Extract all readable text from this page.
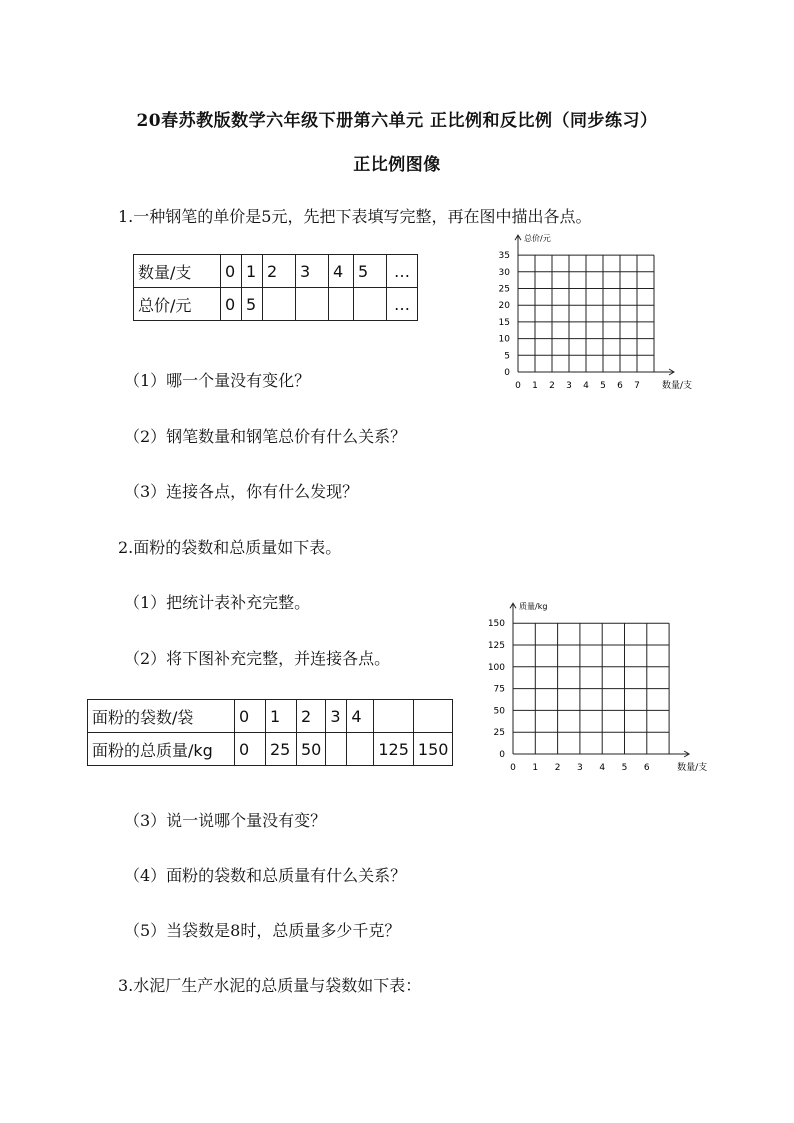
20春苏教版数学六年级下册第六单元 正比例和反比例（同步练习）
正比例图像
1.一种钢笔的单价是5元，先把下表填写完整，再在图中描出各点。
数量/支	0	1	2	3	4	5	…
总价/元	0	5					…
（1）哪一个量没有变化？
（2）钢笔数量和钢笔总价有什么关系？
（3）连接各点，你有什么发现？
0 1 2 3 4 5 6 7
0
5
10
15
20
25
30
35
数量/支
总价/元
2.面粉的袋数和总质量如下表。
（1）把统计表补充完整。
（2）将下图补充完整，并连接各点。
面粉的袋数/袋	0	1	2	3	4		
面粉的总质量/kg	0	25	50			125	150
0 1 2 3 4 5 6
0
25
50
75
100
125
150
数量/支
质量/kg
（3）说一说哪个量没有变？
（4）面粉的袋数和总质量有什么关系？
（5）当袋数是8时，总质量多少千克？
3.水泥厂生产水泥的总质量与袋数如下表：
